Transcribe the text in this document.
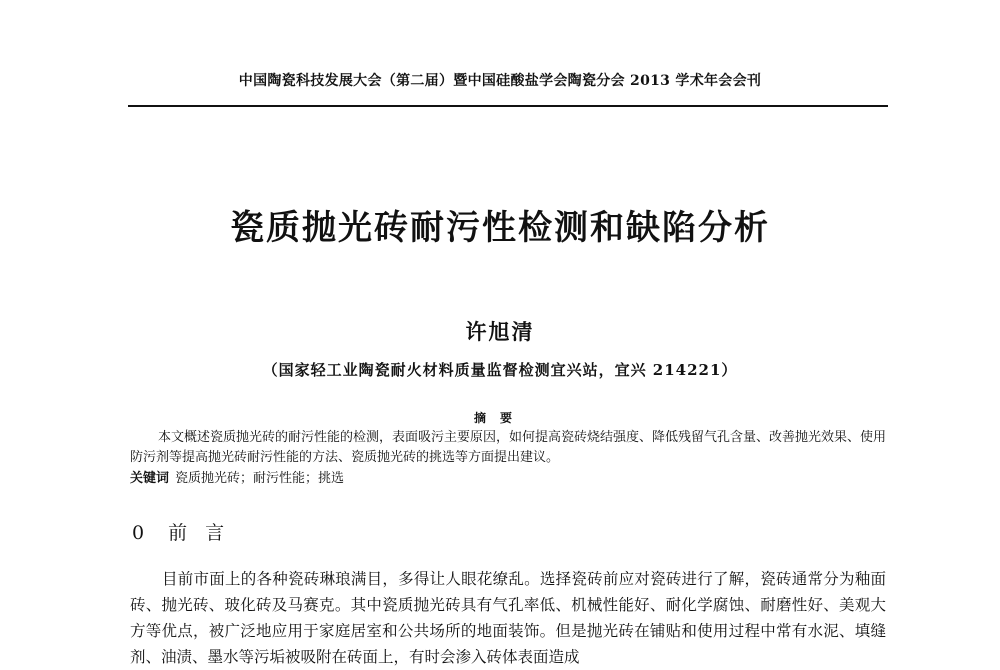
中国陶瓷科技发展大会（第二届）暨中国硅酸盐学会陶瓷分会 2013 学术年会会刊
瓷质抛光砖耐污性检测和缺陷分析
许旭清
（国家轻工业陶瓷耐火材料质量监督检测宜兴站，宜兴 214221）
摘要
本文概述瓷质抛光砖的耐污性能的检测，表面吸污主要原因，如何提高瓷砖烧结强度、降低残留气孔含量、改善抛光效果、使用防污剂等提高抛光砖耐污性能的方法、瓷质抛光砖的挑选等方面提出建议。
关键词 瓷质抛光砖；耐污性能；挑选
0 前言
目前市面上的各种瓷砖琳琅满目，多得让人眼花缭乱。选择瓷砖前应对瓷砖进行了解，瓷砖通常分为釉面砖、抛光砖、玻化砖及马赛克。其中瓷质抛光砖具有气孔率低、机械性能好、耐化学腐蚀、耐磨性好、美观大方等优点，被广泛地应用于家庭居室和公共场所的地面装饰。但是抛光砖在铺贴和使用过程中常有水泥、填缝剂、油渍、墨水等污垢被吸附在砖面上，有时会渗入砖体表面造成
